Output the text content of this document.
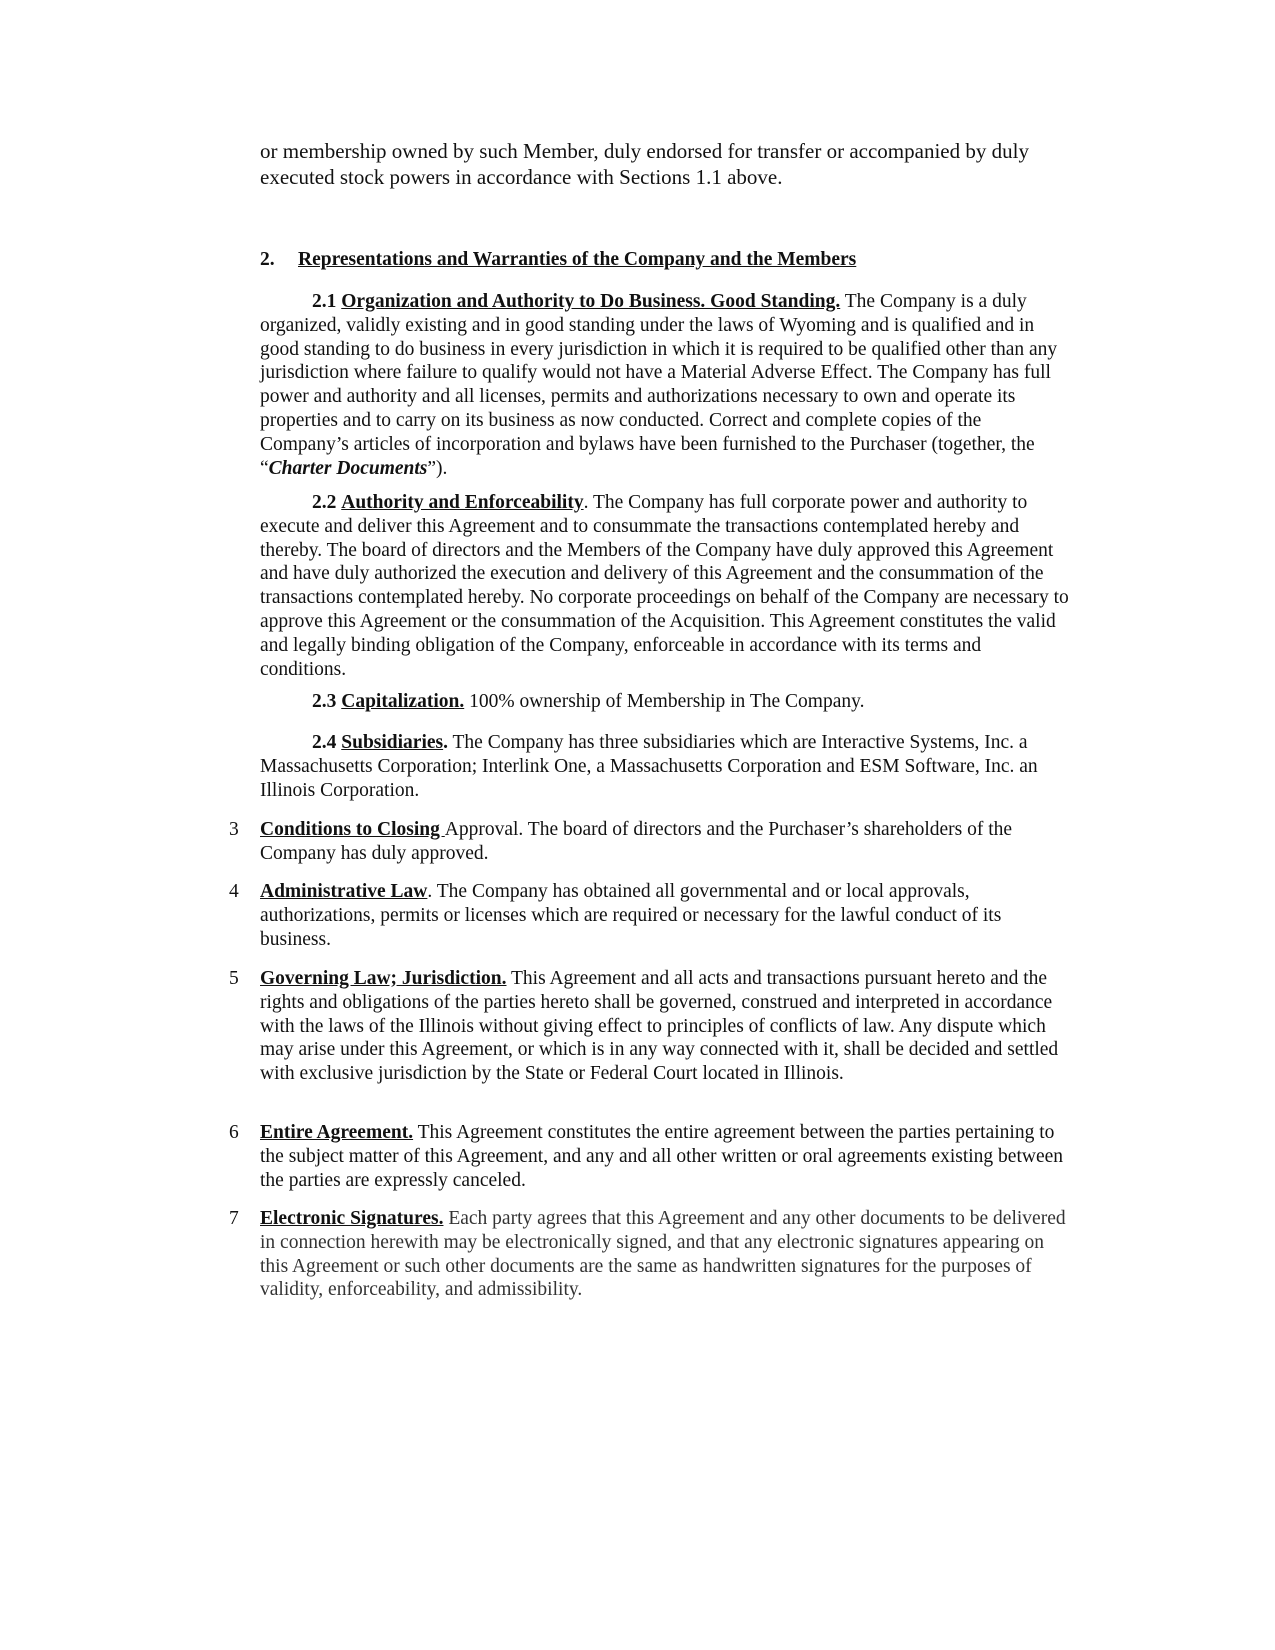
or membership owned by such Member, duly endorsed for transfer or accompanied by duly executed stock powers in accordance with Sections 1.1 above.
2. Representations and Warranties of the Company and the Members
2.1 Organization and Authority to Do Business. Good Standing. The Company is a duly organized, validly existing and in good standing under the laws of Wyoming and is qualified and in good standing to do business in every jurisdiction in which it is required to be qualified other than any jurisdiction where failure to qualify would not have a Material Adverse Effect. The Company has full power and authority and all licenses, permits and authorizations necessary to own and operate its properties and to carry on its business as now conducted. Correct and complete copies of the Company’s articles of incorporation and bylaws have been furnished to the Purchaser (together, the “Charter Documents”).
2.2 Authority and Enforceability. The Company has full corporate power and authority to execute and deliver this Agreement and to consummate the transactions contemplated hereby and thereby. The board of directors and the Members of the Company have duly approved this Agreement and have duly authorized the execution and delivery of this Agreement and the consummation of the transactions contemplated hereby. No corporate proceedings on behalf of the Company are necessary to approve this Agreement or the consummation of the Acquisition. This Agreement constitutes the valid and legally binding obligation of the Company, enforceable in accordance with its terms and conditions.
2.3 Capitalization. 100% ownership of Membership in The Company.
2.4 Subsidiaries. The Company has three subsidiaries which are Interactive Systems, Inc. a Massachusetts Corporation; Interlink One, a Massachusetts Corporation and ESM Software, Inc. an Illinois Corporation.
3 Conditions to Closing Approval. The board of directors and the Purchaser’s shareholders of the Company has duly approved.
4 Administrative Law. The Company has obtained all governmental and or local approvals, authorizations, permits or licenses which are required or necessary for the lawful conduct of its business.
5 Governing Law; Jurisdiction. This Agreement and all acts and transactions pursuant hereto and the rights and obligations of the parties hereto shall be governed, construed and interpreted in accordance with the laws of the Illinois without giving effect to principles of conflicts of law. Any dispute which may arise under this Agreement, or which is in any way connected with it, shall be decided and settled with exclusive jurisdiction by the State or Federal Court located in Illinois.
6 Entire Agreement. This Agreement constitutes the entire agreement between the parties pertaining to the subject matter of this Agreement, and any and all other written or oral agreements existing between the parties are expressly canceled.
7 Electronic Signatures. Each party agrees that this Agreement and any other documents to be delivered in connection herewith may be electronically signed, and that any electronic signatures appearing on this Agreement or such other documents are the same as handwritten signatures for the purposes of validity, enforceability, and admissibility.
